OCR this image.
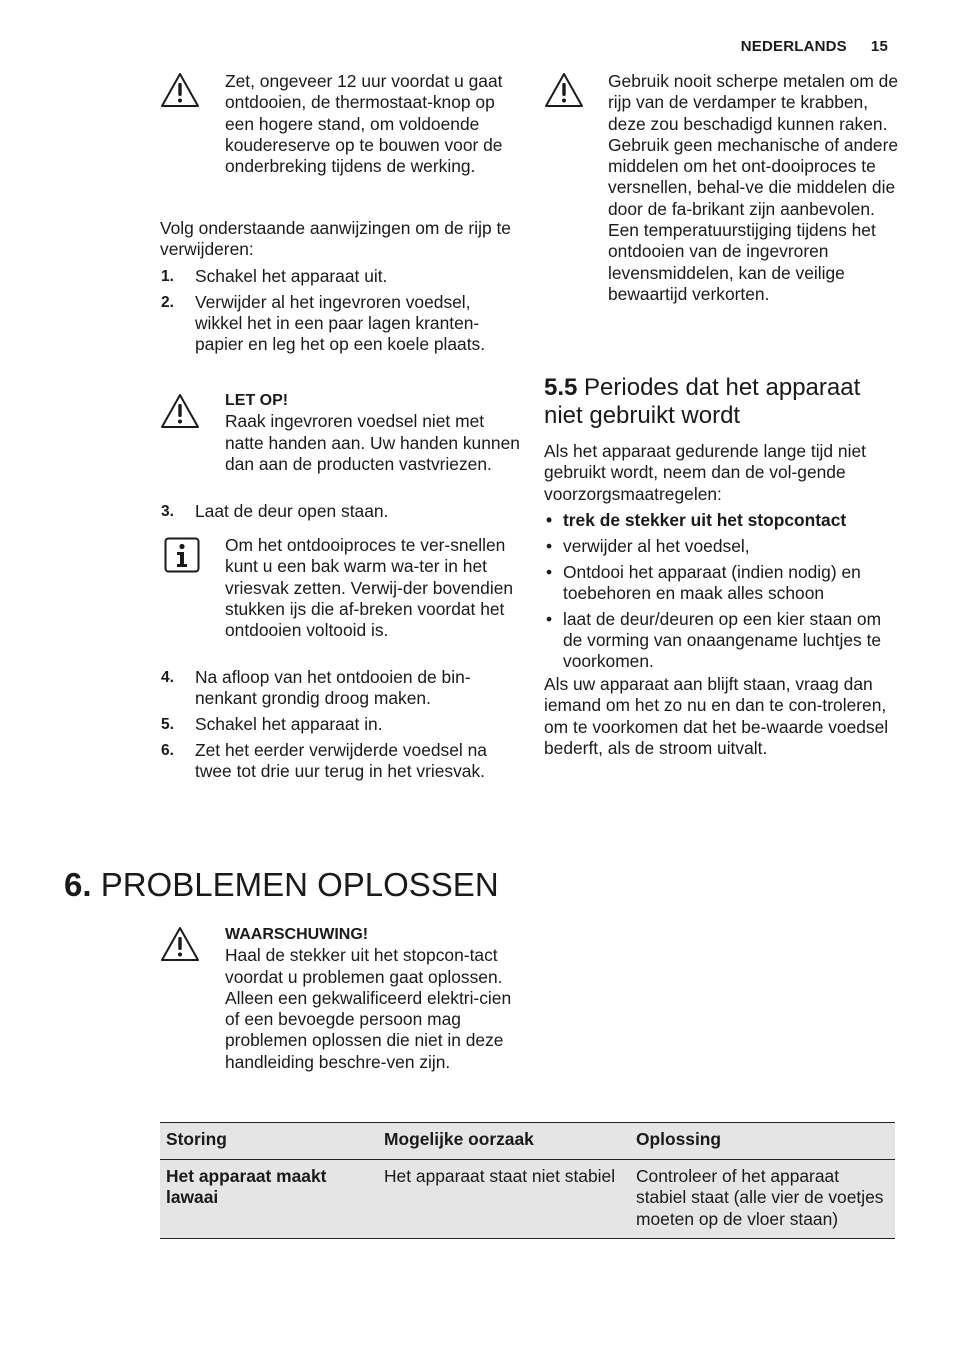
NEDERLANDS 15
Zet, ongeveer 12 uur voordat u gaat ontdooien, de thermostaat-knop op een hogere stand, om voldoende koudereserve op te bouwen voor de onderbreking tijdens de werking.
Volg onderstaande aanwijzingen om de rijp te verwijderen:
1. Schakel het apparaat uit.
2. Verwijder al het ingevroren voedsel, wikkel het in een paar lagen kranten-papier en leg het op een koele plaats.
LET OP!
Raak ingevroren voedsel niet met natte handen aan. Uw handen kunnen dan aan de producten vastvriezen.
3. Laat de deur open staan.
Om het ontdooiproces te ver-snellen kunt u een bak warm wa-ter in het vriesvak zetten. Verwij-der bovendien stukken ijs die af-breken voordat het ontdooien voltooid is.
4. Na afloop van het ontdooien de bin-nenkant grondig droog maken.
5. Schakel het apparaat in.
6. Zet het eerder verwijderde voedsel na twee tot drie uur terug in het vriesvak.
Gebruik nooit scherpe metalen om de rijp van de verdamper te krabben, deze zou beschadigd kunnen raken.
Gebruik geen mechanische of andere middelen om het ont-dooiproces te versnellen, behal-ve die middelen die door de fa-brikant zijn aanbevolen.
Een temperatuurstijging tijdens het ontdooien van de ingevroren levensmiddelen, kan de veilige bewaartijd verkorten.
5.5 Periodes dat het apparaat niet gebruikt wordt
Als het apparaat gedurende lange tijd niet gebruikt wordt, neem dan de vol-gende voorzorgsmaatregelen:
• trek de stekker uit het stopcontact
• verwijder al het voedsel,
• Ontdooi het apparaat (indien nodig) en toebehoren en maak alles schoon
• laat de deur/deuren op een kier staan om de vorming van onaangename luchtjes te voorkomen.
Als uw apparaat aan blijft staan, vraag dan iemand om het zo nu en dan te con-troleren, om te voorkomen dat het be-waarde voedsel bederft, als de stroom uitvalt.
6. PROBLEMEN OPLOSSEN
WAARSCHUWING!
Haal de stekker uit het stopcon-tact voordat u problemen gaat oplossen.
Alleen een gekwalificeerd elektri-cien of een bevoegde persoon mag problemen oplossen die niet in deze handleiding beschre-ven zijn.
Storing	Mogelijke oorzaak	Oplossing
Het apparaat maakt lawaai	Het apparaat staat niet stabiel	Controleer of het apparaat stabiel staat (alle vier de voetjes moeten op de vloer staan)
